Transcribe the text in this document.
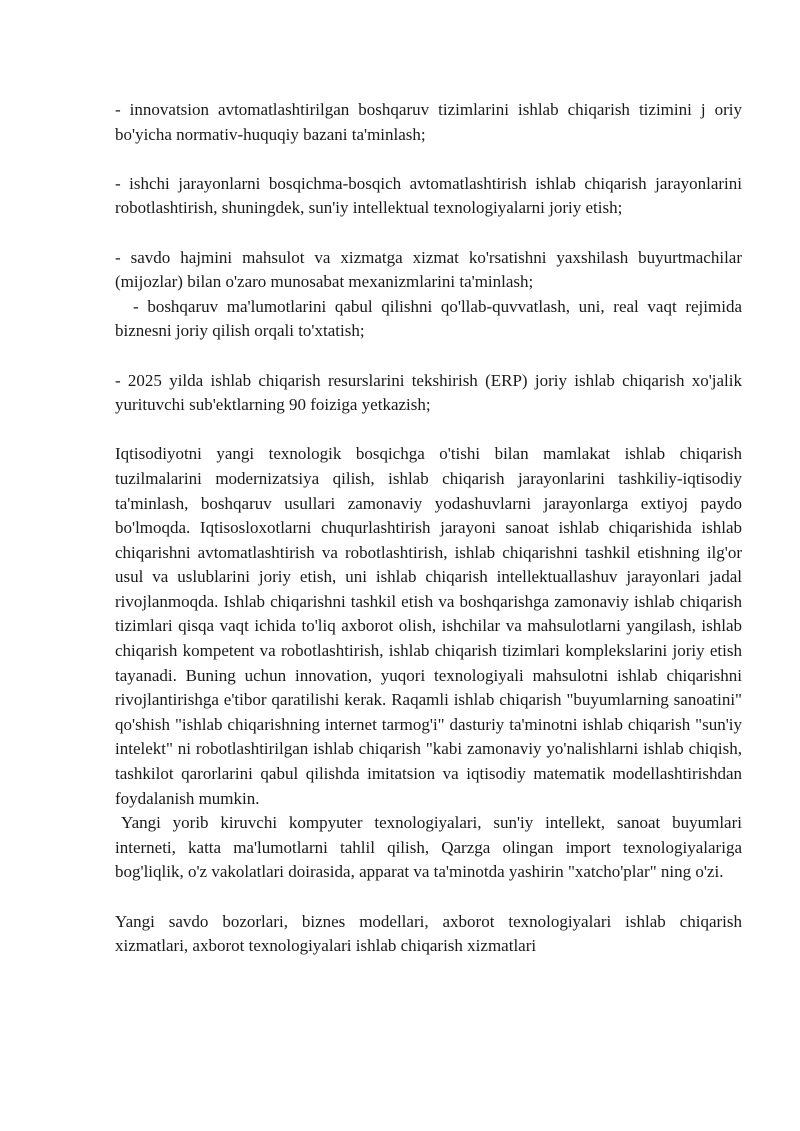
- innovatsion avtomatlashtirilgan boshqaruv tizimlarini ishlab chiqarish tizimini j oriy bo'yicha normativ-huquqiy bazani ta'minlash;

- ishchi jarayonlarni bosqichma-bosqich avtomatlashtirish ishlab chiqarish jarayonlarini robotlashtirish, shuningdek, sun'iy intellektual texnologiyalarni joriy etish;

- savdo hajmini mahsulot va xizmatga xizmat ko'rsatishni yaxshilash buyurtmachilar (mijozlar) bilan o'zaro munosabat mexanizmlarini ta'minlash;

- boshqaruv ma'lumotlarini qabul qilishni qo'llab-quvvatlash, uni, real vaqt rejimida biznesni joriy qilish orqali to'xtatish;

- 2025 yilda ishlab chiqarish resurslarini tekshirish (ERP) joriy ishlab chiqarish xo'jalik yurituvchi sub'ektlarning 90 foiziga yetkazish;

Iqtisodiyotni yangi texnologik bosqichga o'tishi bilan mamlakat ishlab chiqarish tuzilmalarini modernizatsiya qilish, ishlab chiqarish jarayonlarini tashkiliy-iqtisodiy ta'minlash, boshqaruv usullari zamonaviy yodashuvlarni jarayonlarga extiyoj paydo bo'lmoqda. Iqtisosloxotlarni chuqurlashtirish jarayoni sanoat ishlab chiqarishida ishlab chiqarishni avtomatlashtirish va robotlashtirish, ishlab chiqarishni tashkil etishning ilg'or usul va uslublarini joriy etish, uni ishlab chiqarish intellektuallashuv jarayonlari jadal rivojlanmoqda. Ishlab chiqarishni tashkil etish va boshqarishga zamonaviy ishlab chiqarish tizimlari qisqa vaqt ichida to'liq axborot olish, ishchilar va mahsulotlarni yangilash, ishlab chiqarish kompetent va robotlashtirish, ishlab chiqarish tizimlari komplekslarini joriy etish tayanadi. Buning uchun innovation, yuqori texnologiyali mahsulotni ishlab chiqarishni rivojlantirishga e'tibor qaratilishi kerak. Raqamli ishlab chiqarish "buyumlarning sanoatini" qo'shish "ishlab chiqarishning internet tarmog'i" dasturiy ta'minotni ishlab chiqarish "sun'iy intelekt" ni robotlashtirilgan ishlab chiqarish "kabi zamonaviy yo'nalishlarni ishlab chiqish, tashkilot qarorlarini qabul qilishda imitatsion va iqtisodiy matematik modellashtirishdan foydalanish mumkin.

Yangi yorib kiruvchi kompyuter texnologiyalari, sun'iy intellekt, sanoat buyumlari interneti, katta ma'lumotlarni tahlil qilish, Qarzga olingan import texnologiyalariga bog'liqlik, o'z vakolatlari doirasida, apparat va ta'minotda yashirin "xatcho'plar" ning o'zi.

Yangi savdo bozorlari, biznes modellari, axborot texnologiyalari ishlab chiqarish xizmatlari, axborot texnologiyalari ishlab chiqarish xizmatlari
